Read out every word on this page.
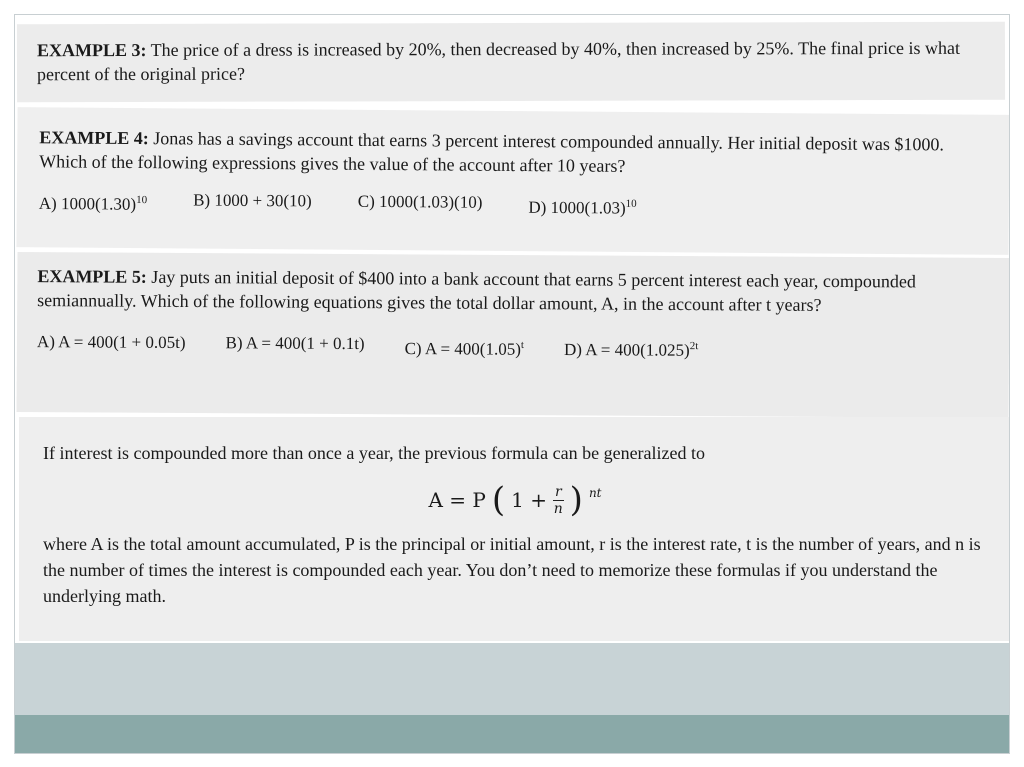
EXAMPLE 3: The price of a dress is increased by 20%, then decreased by 40%, then increased by 25%. The final price is what percent of the original price?

EXAMPLE 4: Jonas has a savings account that earns 3 percent interest compounded annually. Her initial deposit was $1000. Which of the following expressions gives the value of the account after 10 years?

A) $1000(1.30)^{10}$	B) 1000 + 30(10)	C) 1000(1.03)(10)	D) $1000(1.03)^{10}$

EXAMPLE 5: Jay puts an initial deposit of $400 into a bank account that earns 5 percent interest each year, compounded semiannually. Which of the following equations gives the total dollar amount, A, in the account after t years?

A) A = 400(1 + 0.05t) B) A = 400(1 + 0.1t) C) $A = 400(1.05)^t$ D) $A = 400(1.025)^{2t}$

If interest is compounded more than once a year, the previous formula can be generalized to

A = P ( $1 + \frac{r}{n}$ ) nt

where A is the total amount accumulated, P is the principal or initial amount, r is the interest rate, t is the number of years, and n is the number of times the interest is compounded each year. You don’t need to memorize these formulas if you understand the underlying math.
